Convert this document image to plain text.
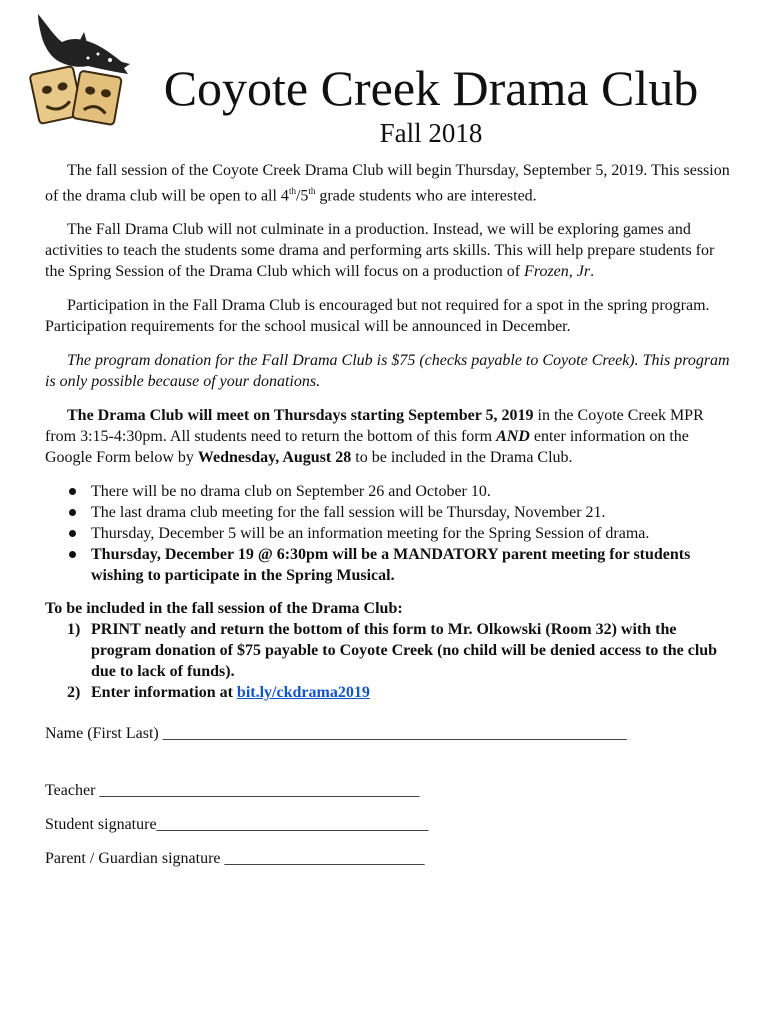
Coyote Creek Drama Club
Fall 2018

The fall session of the Coyote Creek Drama Club will begin Thursday, September 5, 2019. This session of the drama club will be open to all 4th/5th grade students who are interested.

The Fall Drama Club will not culminate in a production. Instead, we will be exploring games and activities to teach the students some drama and performing arts skills. This will help prepare students for the Spring Session of the Drama Club which will focus on a production of Frozen, Jr.

Participation in the Fall Drama Club is encouraged but not required for a spot in the spring program. Participation requirements for the school musical will be announced in December.

The program donation for the Fall Drama Club is $75 (checks payable to Coyote Creek). This program is only possible because of your donations.

The Drama Club will meet on Thursdays starting September 5, 2019 in the Coyote Creek MPR from 3:15-4:30pm. All students need to return the bottom of this form AND enter information on the Google Form below by Wednesday, August 28 to be included in the Drama Club.

There will be no drama club on September 26 and October 10.
The last drama club meeting for the fall session will be Thursday, November 21.
Thursday, December 5 will be an information meeting for the Spring Session of drama.
Thursday, December 19 @ 6:30pm will be a MANDATORY parent meeting for students wishing to participate in the Spring Musical.
To be included in the fall session of the Drama Club:
1) PRINT neatly and return the bottom of this form to Mr. Olkowski (Room 32) with the program donation of $75 payable to Coyote Creek (no child will be denied access to the club due to lack of funds).
2) Enter information at bit.ly/ckdrama2019
Name (First Last) __________________________________________________________
Teacher ________________________________________
Student signature__________________________________
Parent / Guardian signature _________________________
